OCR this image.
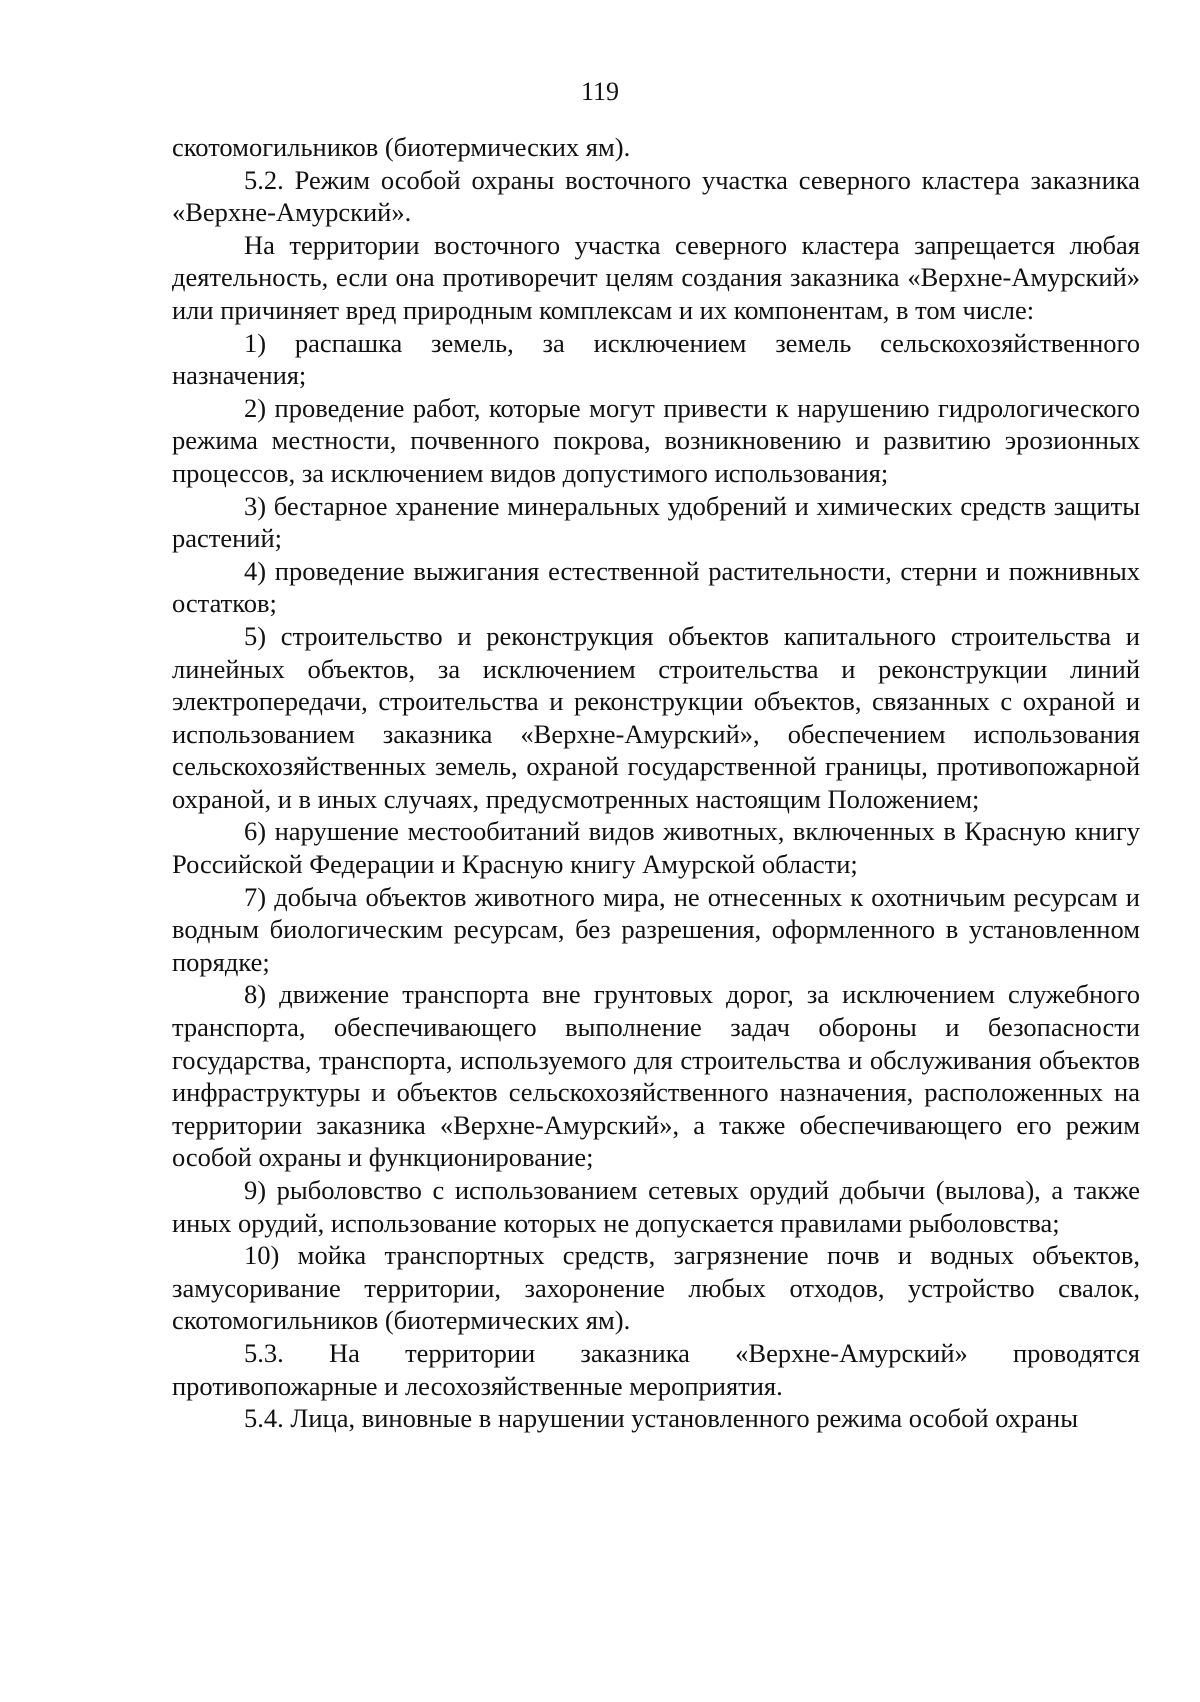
119

скотомогильников (биотермических ям).

5.2. Режим особой охраны восточного участка северного кластера заказника «Верхне-Амурский».

На территории восточного участка северного кластера запрещается любая деятельность, если она противоречит целям создания заказника «Верхне-Амурский» или причиняет вред природным комплексам и их компонентам, в том числе:

1) распашка земель, за исключением земель сельскохозяйственного назначения;

2) проведение работ, которые могут привести к нарушению гидрологического режима местности, почвенного покрова, возникновению и развитию эрозионных процессов, за исключением видов допустимого использования;

3) бестарное хранение минеральных удобрений и химических средств защиты растений;

4) проведение выжигания естественной растительности, стерни и пожнивных остатков;

5) строительство и реконструкция объектов капитального строительства и линейных объектов, за исключением строительства и реконструкции линий электропередачи, строительства и реконструкции объектов, связанных с охраной и использованием заказника «Верхне-Амурский», обеспечением использования сельскохозяйственных земель, охраной государственной границы, противопожарной охраной, и в иных случаях, предусмотренных настоящим Положением;

6) нарушение местообитаний видов животных, включенных в Красную книгу Российской Федерации и Красную книгу Амурской области;

7) добыча объектов животного мира, не отнесенных к охотничьим ресурсам и водным биологическим ресурсам, без разрешения, оформленного в установленном порядке;

8) движение транспорта вне грунтовых дорог, за исключением служебного транспорта, обеспечивающего выполнение задач обороны и безопасности государства, транспорта, используемого для строительства и обслуживания объектов инфраструктуры и объектов сельскохозяйственного назначения, расположенных на территории заказника «Верхне-Амурский», а также обеспечивающего его режим особой охраны и функционирование;

9) рыболовство с использованием сетевых орудий добычи (вылова), а также иных орудий, использование которых не допускается правилами рыболовства;

10) мойка транспортных средств, загрязнение почв и водных объектов, замусоривание территории, захоронение любых отходов, устройство свалок, скотомогильников (биотермических ям).

5.3. На территории заказника «Верхне-Амурский» проводятся противопожарные и лесохозяйственные мероприятия.

5.4. Лица, виновные в нарушении установленного режима особой охраны
